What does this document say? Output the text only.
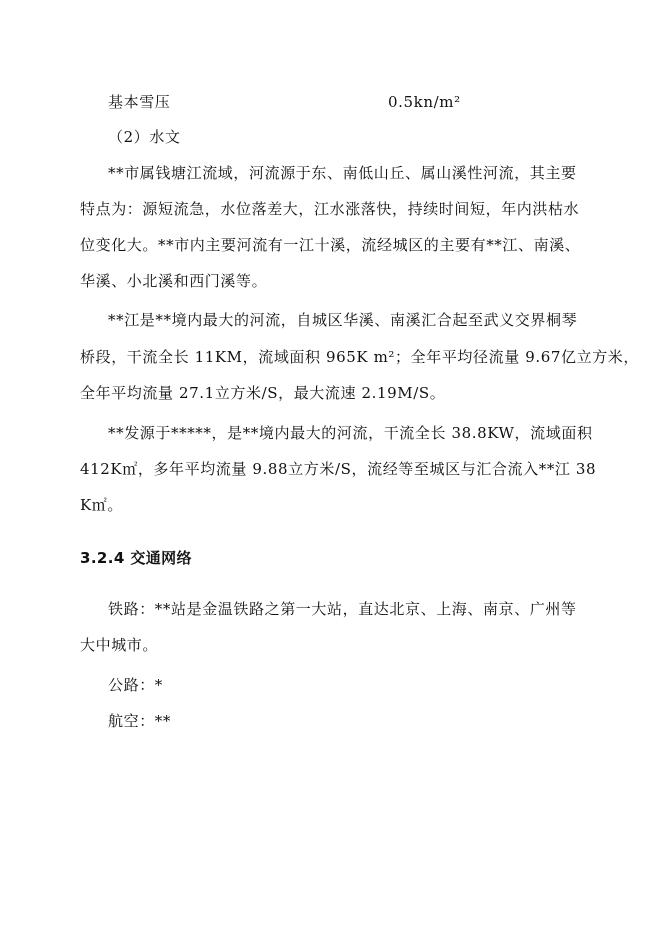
基本雪压	0.5kn/m²
（2）水文
**市属钱塘江流域，河流源于东、南低山丘、属山溪性河流，其主要
特点为：源短流急，水位落差大，江水涨落快，持续时间短，年内洪枯水
位变化大。**市内主要河流有一江十溪，流经城区的主要有**江、南溪、
华溪、小北溪和西门溪等。
**江是**境内最大的河流，自城区华溪、南溪汇合起至武义交界桐琴
桥段，干流全长 11KM，流域面积 965K m²；全年平均径流量 9.67亿立方米，
全年平均流量 27.1立方米/S，最大流速 2.19M/S。
**发源于*****，是**境内最大的河流，干流全长 38.8KW，流域面积
412K㎡，多年平均流量 9.88立方米/S，流经等至城区与汇合流入**江 38
K㎡。
3.2.4 交通网络
铁路：**站是金温铁路之第一大站，直达北京、上海、南京、广州等
大中城市。
公路：*
航空：**
